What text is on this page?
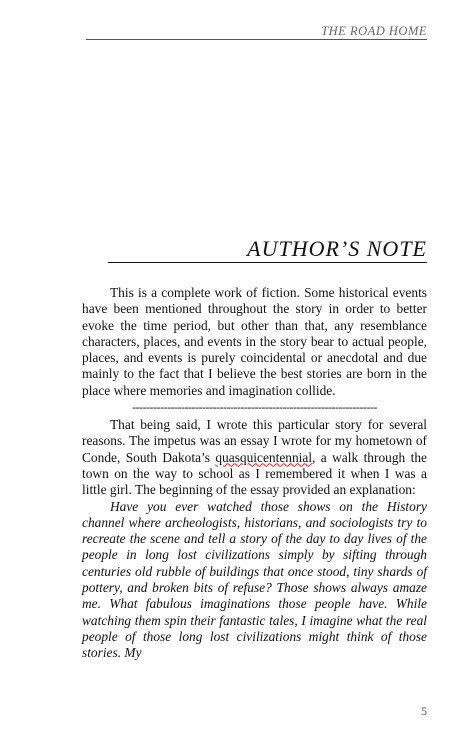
THE ROAD HOME
AUTHOR’S NOTE

This is a complete work of fiction. Some historical events have been mentioned throughout the story in order to better evoke the time period, but other than that, any resemblance characters, places, and events in the story bear to actual people, places, and events is purely coincidental or anecdotal and due mainly to the fact that I believe the best stories are born in the place where memories and imagination collide.

----------------------------------------------------------------------

That being said, I wrote this particular story for several reasons. The impetus was an essay I wrote for my hometown of Conde, South Dakota’s quasquicentennial, a walk through the town on the way to school as I remembered it when I was a little girl. The beginning of the essay provided an explanation:

Have you ever watched those shows on the History channel where archeologists, historians, and sociologists try to recreate the scene and tell a story of the day to day lives of the people in long lost civilizations simply by sifting through centuries old rubble of buildings that once stood, tiny shards of pottery, and broken bits of refuse? Those shows always amaze me. What fabulous imaginations those people have. While watching them spin their fantastic tales, I imagine what the real people of those long lost civilizations might think of those stories. My

5
